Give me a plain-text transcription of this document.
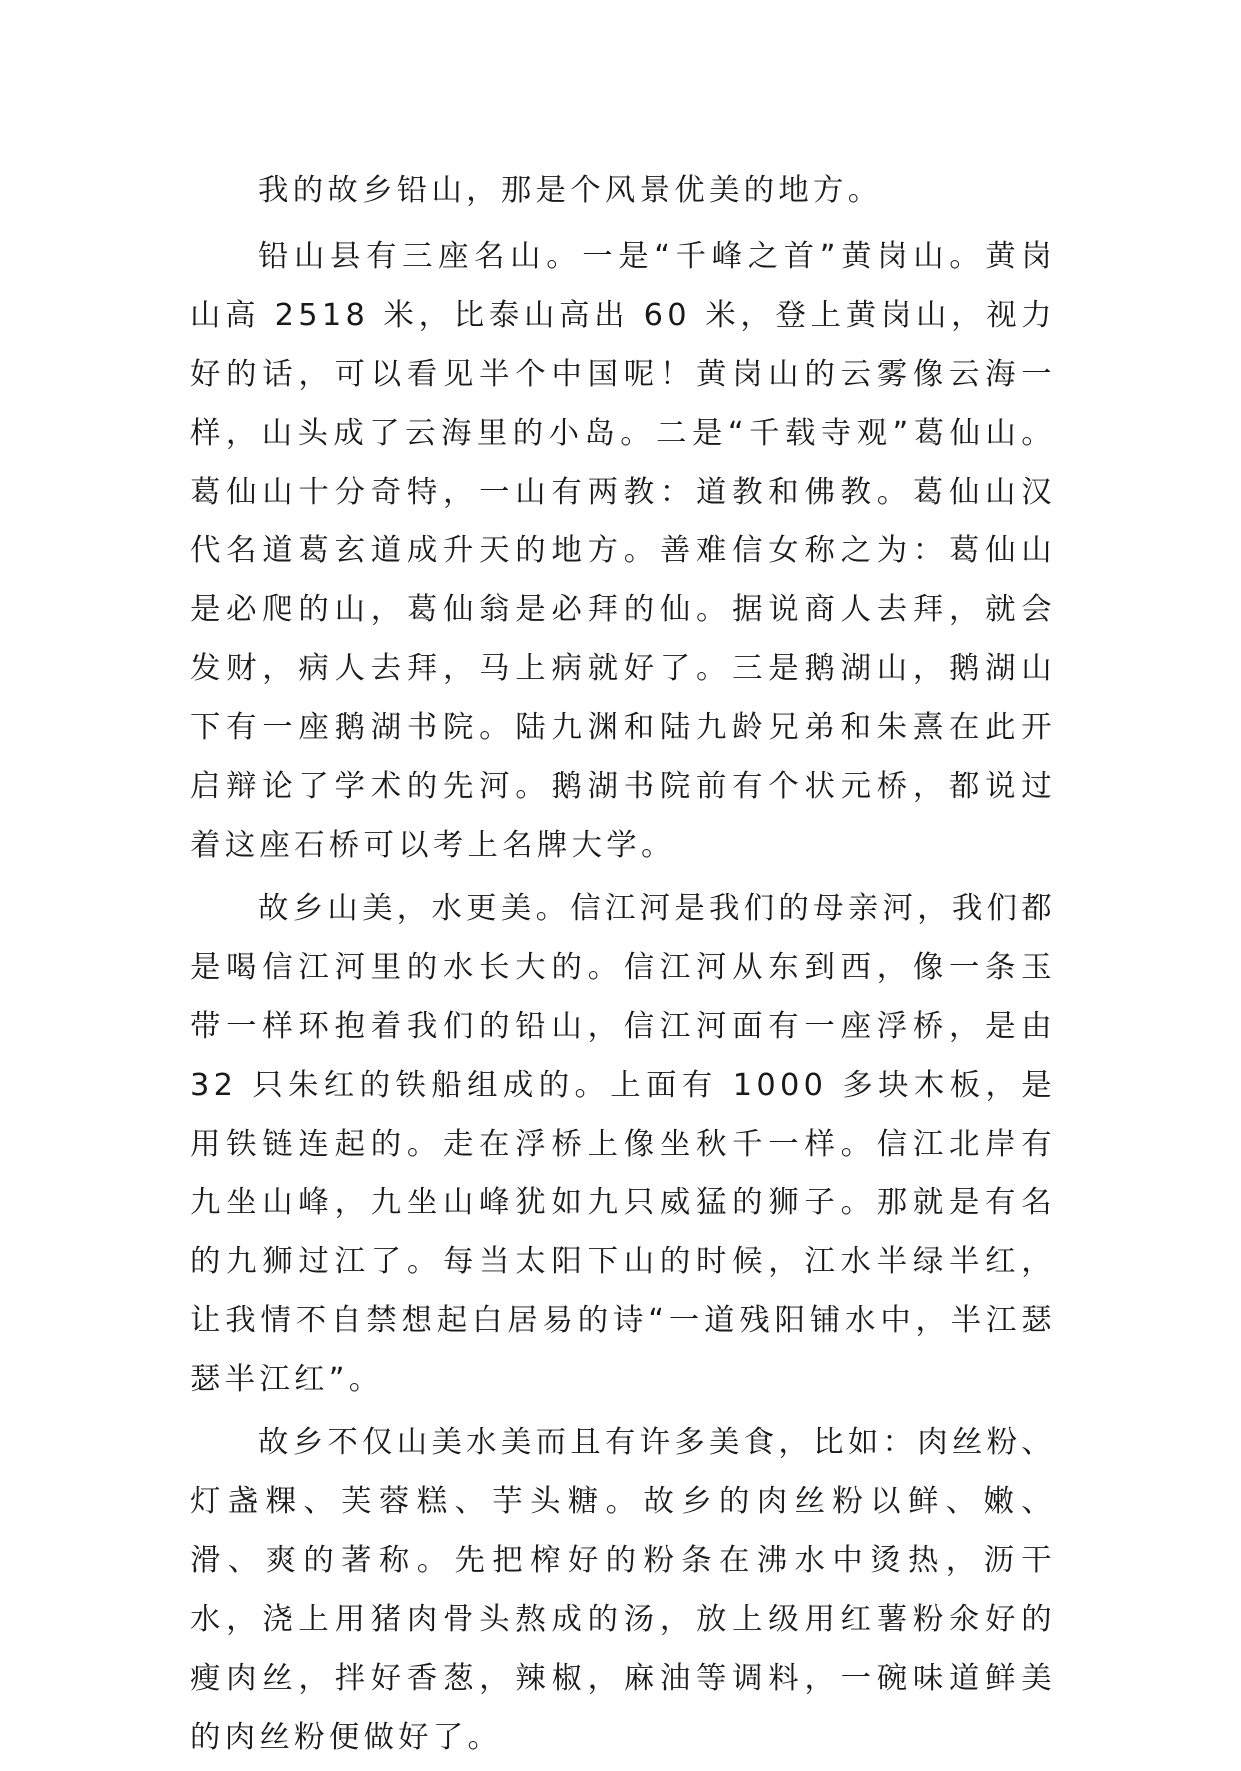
我的故乡铅山，那是个风景优美的地方。

铅山县有三座名山。一是“千峰之首”黄岗山。黄岗山高 2518 米，比泰山高出 60 米，登上黄岗山，视力好的话，可以看见半个中国呢！黄岗山的云雾像云海一样，山头成了云海里的小岛。二是“千载寺观”葛仙山。葛仙山十分奇特，一山有两教：道教和佛教。葛仙山汉代名道葛玄道成升天的地方。善难信女称之为：葛仙山是必爬的山，葛仙翁是必拜的仙。据说商人去拜，就会发财，病人去拜，马上病就好了。三是鹅湖山，鹅湖山下有一座鹅湖书院。陆九渊和陆九龄兄弟和朱熹在此开启辩论了学术的先河。鹅湖书院前有个状元桥，都说过着这座石桥可以考上名牌大学。

故乡山美，水更美。信江河是我们的母亲河，我们都是喝信江河里的水长大的。信江河从东到西，像一条玉带一样环抱着我们的铅山，信江河面有一座浮桥，是由 32 只朱红的铁船组成的。上面有 1000 多块木板，是用铁链连起的。走在浮桥上像坐秋千一样。信江北岸有九坐山峰，九坐山峰犹如九只威猛的狮子。那就是有名的九狮过江了。每当太阳下山的时候，江水半绿半红，让我情不自禁想起白居易的诗“一道残阳铺水中，半江瑟瑟半江红”。

故乡不仅山美水美而且有许多美食，比如：肉丝粉、灯盏粿、芙蓉糕、芋头糖。故乡的肉丝粉以鲜、嫩、滑、爽的著称。先把榨好的粉条在沸水中烫热，沥干水，浇上用猪肉骨头熬成的汤，放上级用红薯粉氽好的瘦肉丝，拌好香葱，辣椒，麻油等调料，一碗味道鲜美的肉丝粉便做好了。
